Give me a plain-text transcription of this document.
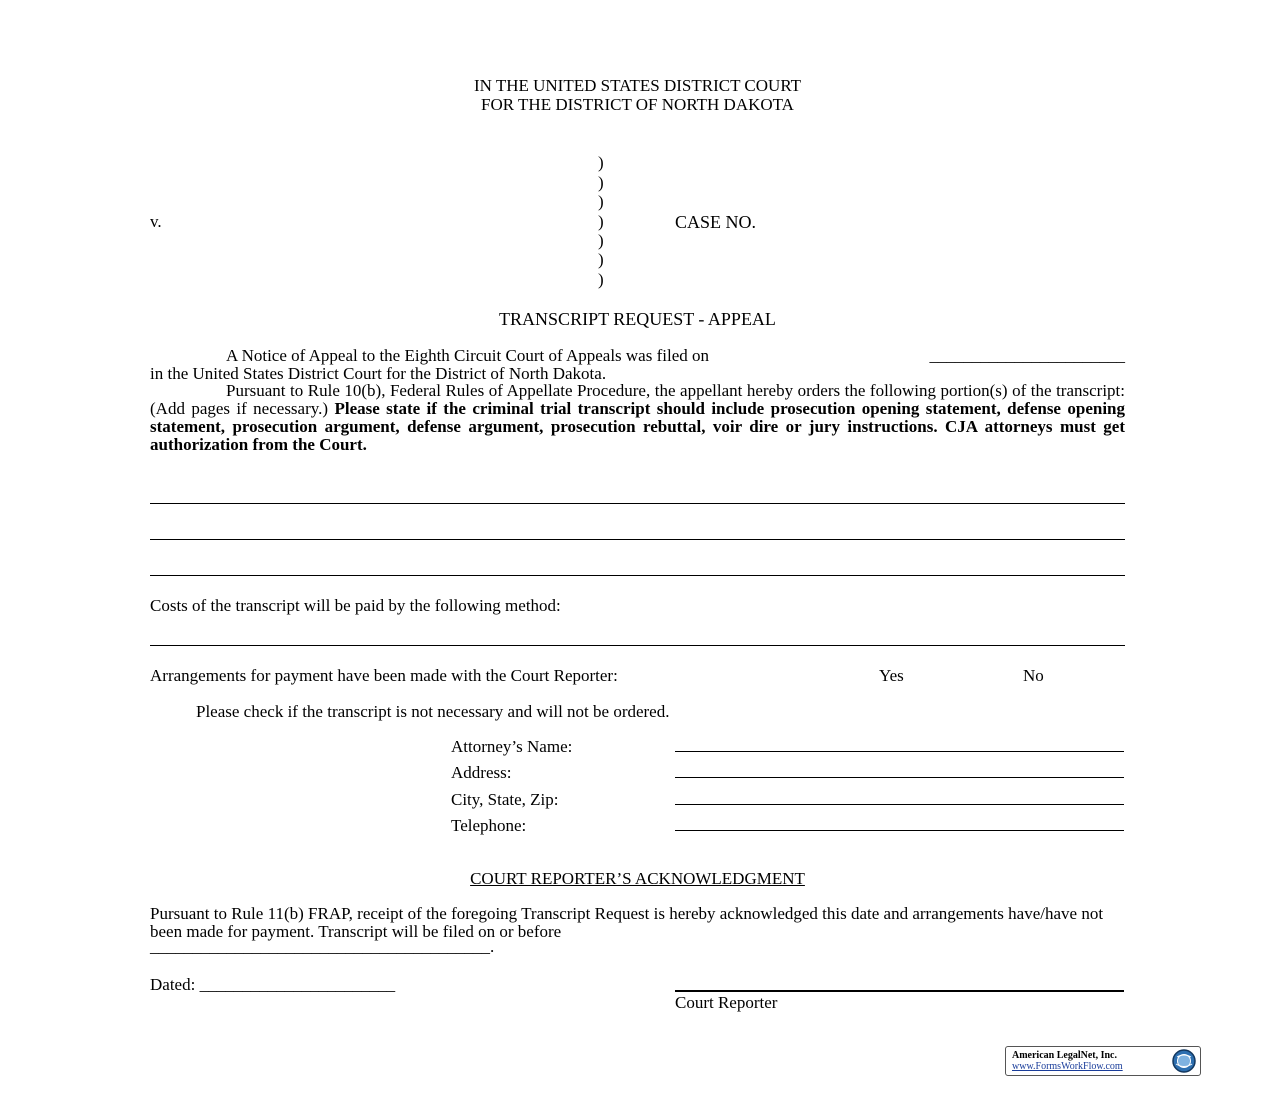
IN THE UNITED STATES DISTRICT COURT
FOR THE DISTRICT OF NORTH DAKOTA
)
)
)
)
)
)
)
v.	CASE NO.
TRANSCRIPT REQUEST - APPEAL
A Notice of Appeal to the Eighth Circuit Court of Appeals was filed on	_______________________
in the United States District Court for the District of North Dakota.
Pursuant to Rule 10(b), Federal Rules of Appellate Procedure, the appellant hereby orders the following portion(s) of the transcript: (Add pages if necessary.) Please state if the criminal trial transcript should include prosecution opening statement, defense opening statement, prosecution argument, defense argument, prosecution rebuttal, voir dire or jury instructions. CJA attorneys must get authorization from the Court.
Costs of the transcript will be paid by the following method:
Arrangements for payment have been made with the Court Reporter:	Yes	No
Please check if the transcript is not necessary and will not be ordered.
Attorney’s Name:
Address:
City, State, Zip:
Telephone:
COURT REPORTER’S ACKNOWLEDGMENT
Pursuant to Rule 11(b) FRAP, receipt of the foregoing Transcript Request is hereby acknowledged this date and arrangements have/have not been made for payment. Transcript will be filed on or before
________________________________________.
Dated: _______________________
Court Reporter
American LegalNet, Inc.
www.FormsWorkFlow.com
